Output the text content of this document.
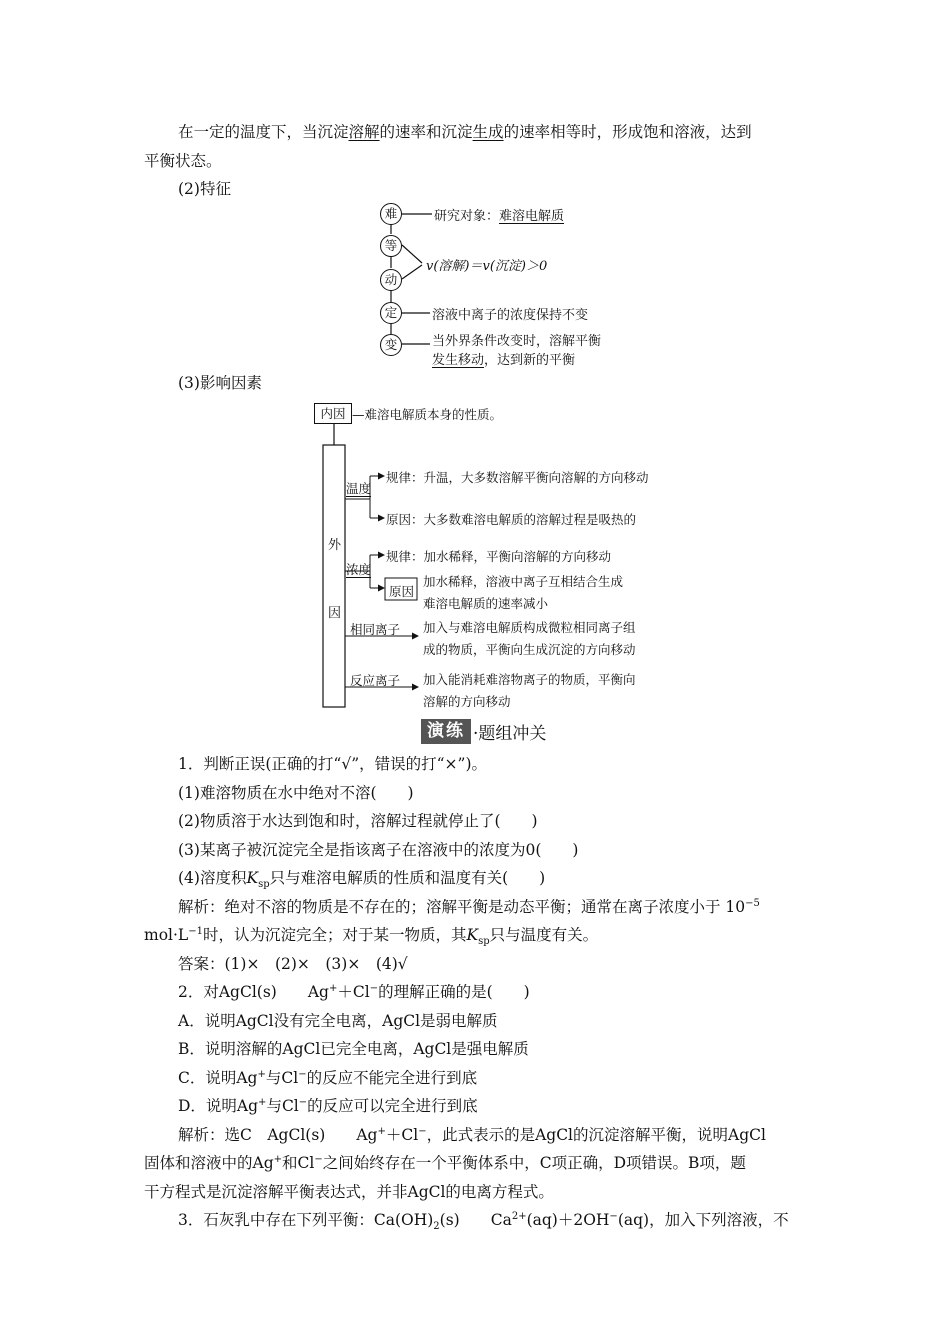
在一定的温度下，当沉淀溶解的速率和沉淀生成的速率相等时，形成饱和溶液，达到

平衡状态。

(2)特征

难
等
动
定
变
研究对象：难溶电解质
v(溶解)＝v(沉淀)＞0
溶液中离子的浓度保持不变
当外界条件改变时，溶解平衡
发生移动，达到新的平衡

(3)影响因素

内因 —难溶电解质本身的性质。
外
因
温度
规律：升温，大多数溶解平衡向溶解的方向移动
原因：大多数难溶电解质的溶解过程是吸热的
浓度
规律：加水稀释，平衡向溶解的方向移动
原因
加水稀释，溶液中离子互相结合生成
难溶电解质的速率减小
相同离子 加入与难溶电解质构成微粒相同离子组
成的物质，平衡向生成沉淀的方向移动
反应离子 加入能消耗难溶物离子的物质，平衡向
溶解的方向移动
演练 ·题组冲关

1．判断正误(正确的打“√”，错误的打“×”)。

(1)难溶物质在水中绝对不溶(　　)

(2)物质溶于水达到饱和时，溶解过程就停止了(　　)

(3)某离子被沉淀完全是指该离子在溶液中的浓度为0(　　)

(4)溶度积$K_{sp}$只与难溶电解质的性质和温度有关(　　)

解析：绝对不溶的物质是不存在的；溶解平衡是动态平衡；通常在离子浓度小于 $10^{-5}$

$mol\cdot L^{-1}$时，认为沉淀完全；对于某一物质，其$K_{sp}$只与温度有关。

答案：(1)×　(2)×　(3)×　(4)√

2．对AgCl(s)　　Ag+＋Cl−的理解正确的是(　　)

A．说明AgCl没有完全电离，AgCl是弱电解质

B．说明溶解的AgCl已完全电离，AgCl是强电解质

C．说明Ag+与Cl−的反应不能完全进行到底

D．说明Ag+与Cl−的反应可以完全进行到底

解析：选C　AgCl(s)　　Ag+＋Cl−，此式表示的是AgCl的沉淀溶解平衡，说明AgCl

固体和溶液中的Ag+和Cl−之间始终存在一个平衡体系中，C项正确，D项错误。B项，题

干方程式是沉淀溶解平衡表达式，并非AgCl的电离方程式。

3．石灰乳中存在下列平衡：$Ca(OH)_2(s)$　　$Ca^{2+}(aq)+2OH^-(aq)$，加入下列溶液，不
